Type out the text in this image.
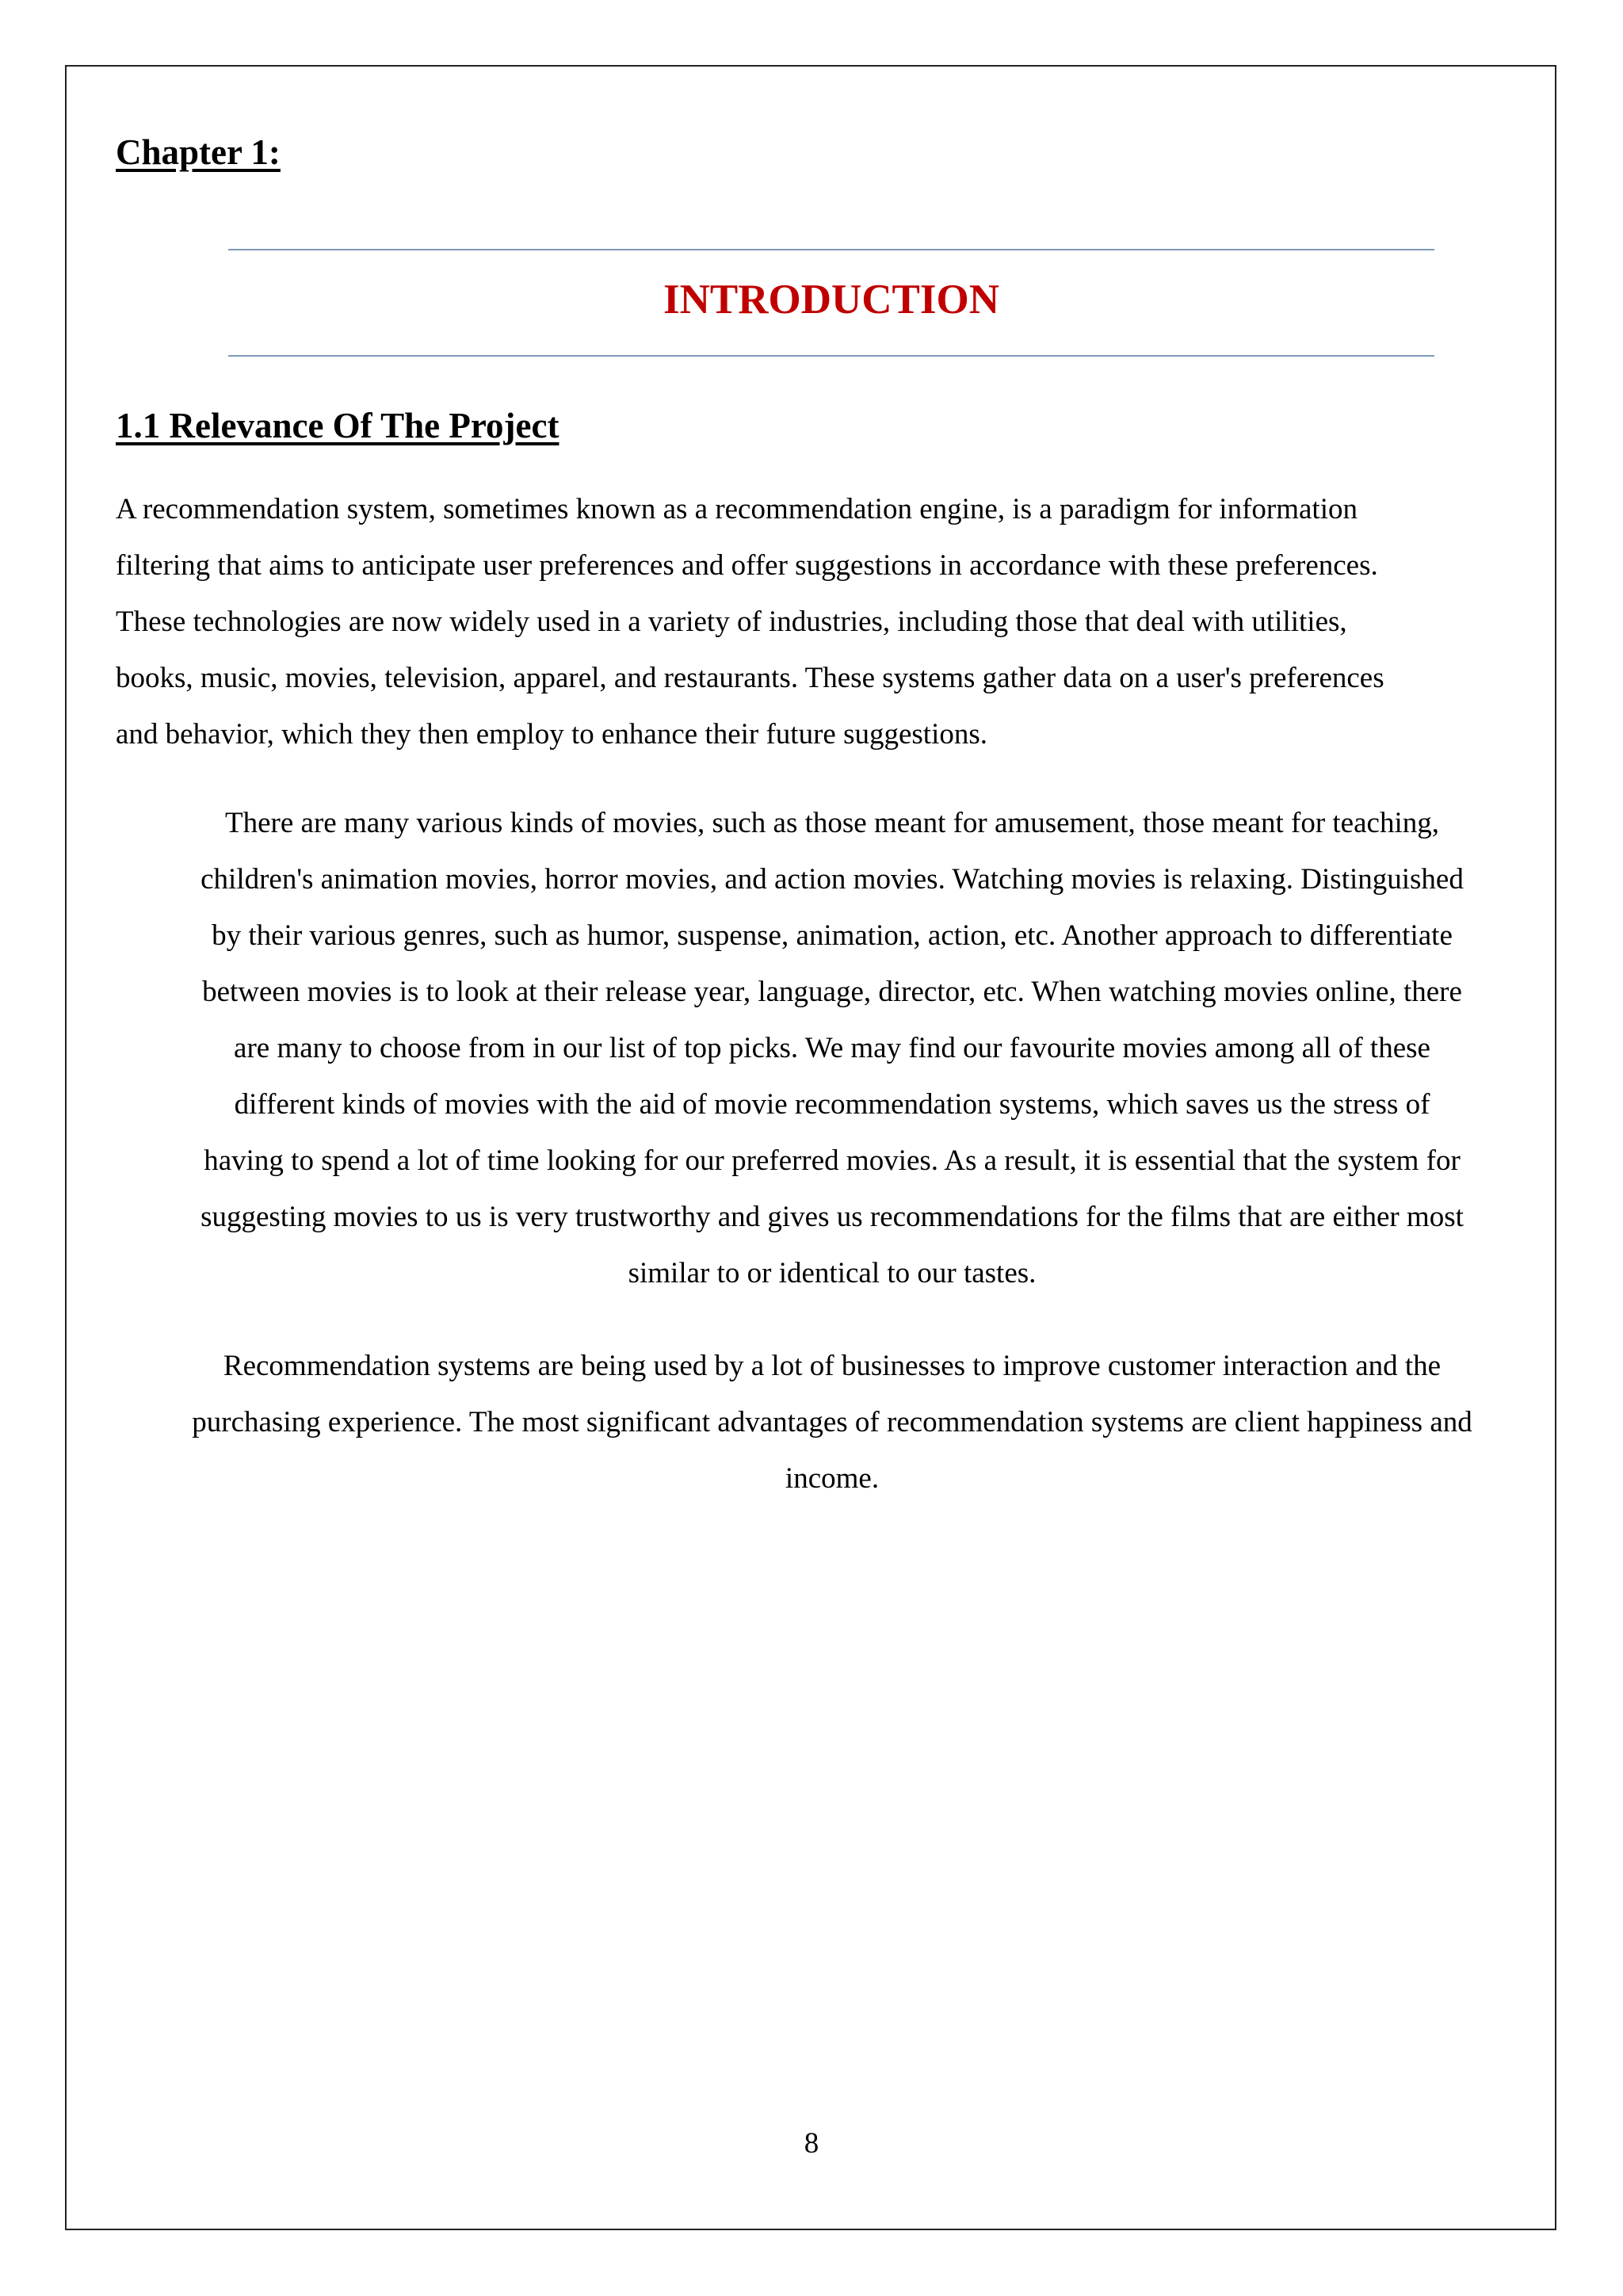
Chapter 1:
INTRODUCTION
1.1 Relevance Of The Project

A recommendation system, sometimes known as a recommendation engine, is a paradigm for information
filtering that aims to anticipate user preferences and offer suggestions in accordance with these preferences.
These technologies are now widely used in a variety of industries, including those that deal with utilities,
books, music, movies, television, apparel, and restaurants. These systems gather data on a user's preferences
and behavior, which they then employ to enhance their future suggestions.

There are many various kinds of movies, such as those meant for amusement, those meant for teaching,
children's animation movies, horror movies, and action movies. Watching movies is relaxing. Distinguished
by their various genres, such as humor, suspense, animation, action, etc. Another approach to differentiate
between movies is to look at their release year, language, director, etc. When watching movies online, there
are many to choose from in our list of top picks. We may find our favourite movies among all of these
different kinds of movies with the aid of movie recommendation systems, which saves us the stress of
having to spend a lot of time looking for our preferred movies. As a result, it is essential that the system for
suggesting movies to us is very trustworthy and gives us recommendations for the films that are either most
similar to or identical to our tastes.

Recommendation systems are being used by a lot of businesses to improve customer interaction and the
purchasing experience. The most significant advantages of recommendation systems are client happiness and
income.

8
